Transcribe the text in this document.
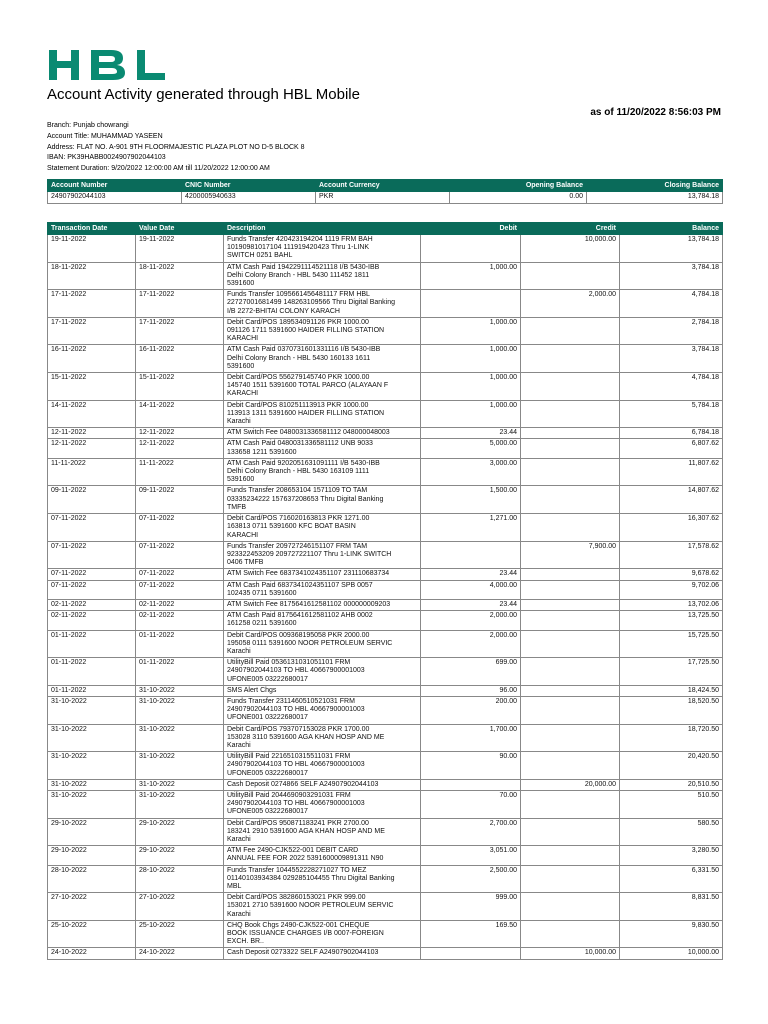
Account Activity generated through HBL Mobile
as of 11/20/2022 8:56:03 PM
Branch: Punjab chowrangi
Account Title: MUHAMMAD YASEEN
Address: FLAT NO. A-901 9TH FLOORMAJESTIC PLAZA PLOT NO D-5 BLOCK 8
IBAN: PK39HABB0024907902044103
Statement Duration: 9/20/2022 12:00:00 AM till 11/20/2022 12:00:00 AM
Account Number	CNIC Number	Account Currency	Opening Balance	Closing Balance
24907902044103	4200005940633	PKR	0.00	13,784.18
Transaction Date	Value Date	Description	Debit	Credit	Balance
19-11-2022	19-11-2022	Funds Transfer 420423194204 1119 FRM BAH
10190981017104 111919420423 Thru 1-LINK
SWITCH 0251 BAHL		10,000.00	13,784.18
18-11-2022	18-11-2022	ATM Cash Paid 1942291114521118 I/B 5430-IBB
Delhi Colony Branch - HBL 5430 111452 1811
5391600	1,000.00		3,784.18
17-11-2022	17-11-2022	Funds Transfer 1095661456481117 FRM HBL
22727001681499 148263109566 Thru Digital Banking
I/B 2272-BHITAI COLONY KARACH		2,000.00	4,784.18
17-11-2022	17-11-2022	Debit Card/POS 189534091126 PKR 1000.00
091126 1711 5391600 HAIDER FILLING STATION
KARACHI	1,000.00		2,784.18
16-11-2022	16-11-2022	ATM Cash Paid 0370731601331116 I/B 5430-IBB
Delhi Colony Branch - HBL 5430 160133 1611
5391600	1,000.00		3,784.18
15-11-2022	15-11-2022	Debit Card/POS 556279145740 PKR 1000.00
145740 1511 5391600 TOTAL PARCO (ALAYAAN F
KARACHI	1,000.00		4,784.18
14-11-2022	14-11-2022	Debit Card/POS 810251113913 PKR 1000.00
113913 1311 5391600 HAIDER FILLING STATION
Karachi	1,000.00		5,784.18
12-11-2022	12-11-2022	ATM Switch Fee 0480031336581112 048000048003	23.44		6,784.18
12-11-2022	12-11-2022	ATM Cash Paid 0480031336581112 UNB 9033
133658 1211 5391600	5,000.00		6,807.62
11-11-2022	11-11-2022	ATM Cash Paid 9202051631091111 I/B 5430-IBB
Delhi Colony Branch - HBL 5430 163109 1111
5391600	3,000.00		11,807.62
09-11-2022	09-11-2022	Funds Transfer 208653104 1571109 TO TAM
03335234222 157637208653 Thru Digital Banking
TMFB	1,500.00		14,807.62
07-11-2022	07-11-2022	Debit Card/POS 716020163813 PKR 1271.00
163813 0711 5391600 KFC BOAT BASIN
KARACHI	1,271.00		16,307.62
07-11-2022	07-11-2022	Funds Transfer 209727246151107 FRM TAM
923322453209 209727221107 Thru 1-LINK SWITCH
0406 TMFB		7,900.00	17,578.62
07-11-2022	07-11-2022	ATM Switch Fee 6837341024351107 231110683734	23.44		9,678.62
07-11-2022	07-11-2022	ATM Cash Paid 6837341024351107 SPB 0057
102435 0711 5391600	4,000.00		9,702.06
02-11-2022	02-11-2022	ATM Switch Fee 8175641612581102 000000009203	23.44		13,702.06
02-11-2022	02-11-2022	ATM Cash Paid 8175641612581102 AHB 0002
161258 0211 5391600	2,000.00		13,725.50
01-11-2022	01-11-2022	Debit Card/POS 009368195058 PKR 2000.00
195058 0111 5391600 NOOR PETROLEUM SERVIC
Karachi	2,000.00		15,725.50
01-11-2022	01-11-2022	UtilityBill Paid 0536131031051101 FRM
24907902044103 TO HBL 40667900001003
UFONE005 03222680017	699.00		17,725.50
01-11-2022	31-10-2022	SMS Alert Chgs	96.00		18,424.50
31-10-2022	31-10-2022	Funds Transfer 2311460510521031 FRM
24907902044103 TO HBL 40667900001003
UFONE001 03222680017	200.00		18,520.50
31-10-2022	31-10-2022	Debit Card/POS 793707153028 PKR 1700.00
153028 3110 5391600 AGA KHAN HOSP AND ME
Karachi	1,700.00		18,720.50
31-10-2022	31-10-2022	UtilityBill Paid 2216510315511031 FRM
24907902044103 TO HBL 40667900001003
UFONE005 03222680017	90.00		20,420.50
31-10-2022	31-10-2022	Cash Deposit 0274866 SELF A24907902044103		20,000.00	20,510.50
31-10-2022	31-10-2022	UtilityBill Paid 2044690903291031 FRM
24907902044103 TO HBL 40667900001003
UFONE005 03222680017	70.00		510.50
29-10-2022	29-10-2022	Debit Card/POS 950871183241 PKR 2700.00
183241 2910 5391600 AGA KHAN HOSP AND ME
Karachi	2,700.00		580.50
29-10-2022	29-10-2022	ATM Fee 2490-CJK522-001 DEBIT CARD
ANNUAL FEE FOR 2022 5391600009891311 N90	3,051.00		3,280.50
28-10-2022	28-10-2022	Funds Transfer 1044552228271027 TO MEZ
01140103934384 029285104455 Thru Digital Banking
MBL	2,500.00		6,331.50
27-10-2022	27-10-2022	Debit Card/POS 382860153021 PKR 999.00
153021 2710 5391600 NOOR PETROLEUM SERVIC
Karachi	999.00		8,831.50
25-10-2022	25-10-2022	CHQ Book Chgs 2490-CJK522-001 CHEQUE
BOOK ISSUANCE CHARGES I/B 0007-FOREIGN
EXCH. BR..	169.50		9,830.50
24-10-2022	24-10-2022	Cash Deposit 0273322 SELF A24907902044103		10,000.00	10,000.00
